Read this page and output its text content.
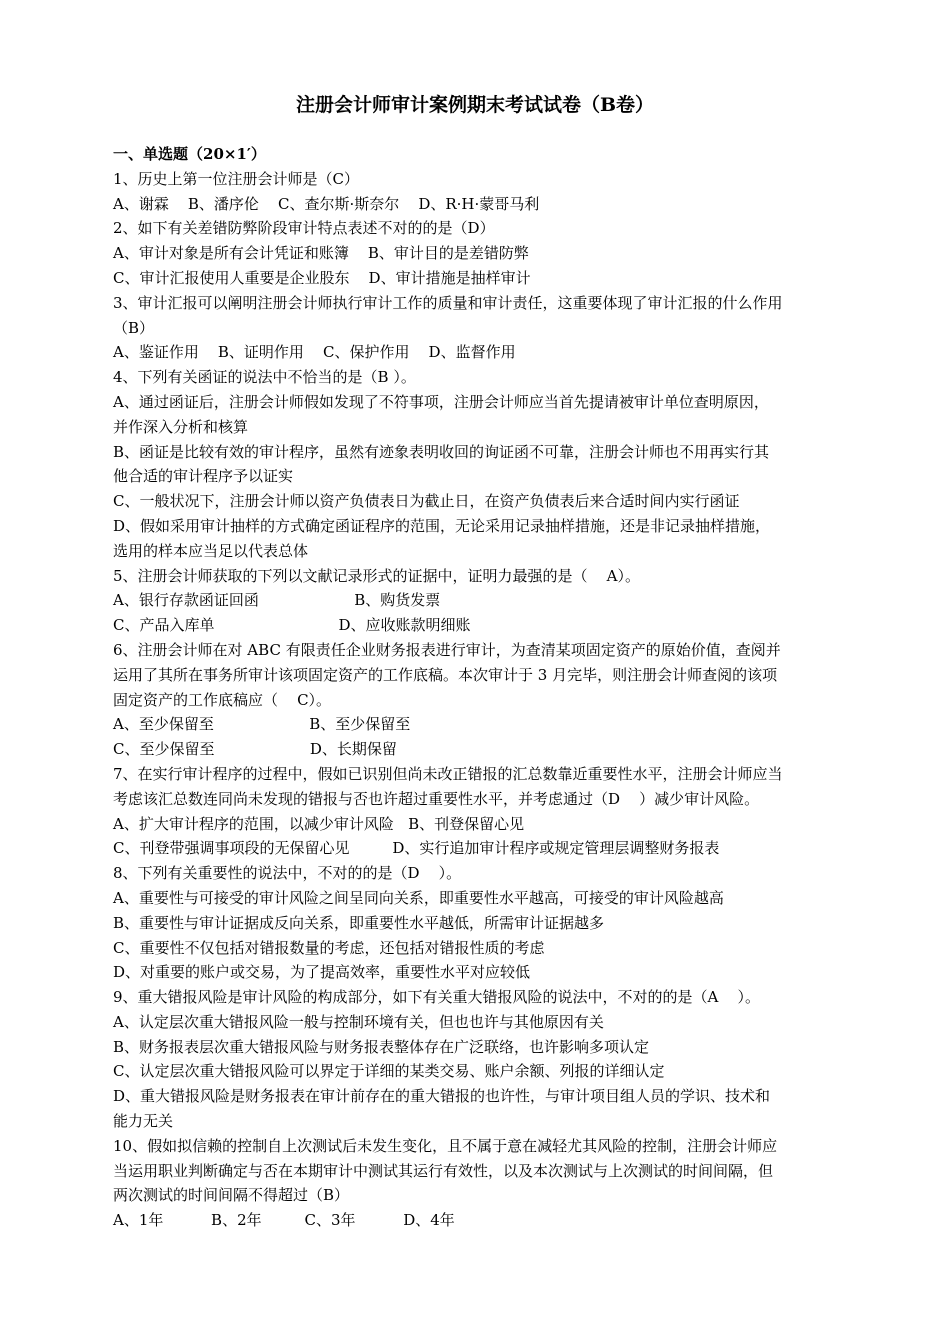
注册会计师审计案例期末考试试卷（B卷）
一、单选题（20×1′）
1、历史上第一位注册会计师是（C）
A、谢霖    B、潘序伦    C、查尔斯·斯奈尔    D、R·H·蒙哥马利
2、如下有关差错防弊阶段审计特点表述不对的的是（D）
A、审计对象是所有会计凭证和账簿    B、审计目的是差错防弊
C、审计汇报使用人重要是企业股东    D、审计措施是抽样审计
3、审计汇报可以阐明注册会计师执行审计工作的质量和审计责任，这重要体现了审计汇报的什么作用
（B）
A、鉴证作用    B、证明作用    C、保护作用    D、监督作用
4、下列有关函证的说法中不恰当的是（B ）。
A、通过函证后，注册会计师假如发现了不符事项，注册会计师应当首先提请被审计单位查明原因，
并作深入分析和核算
B、函证是比较有效的审计程序，虽然有迹象表明收回的询证函不可靠，注册会计师也不用再实行其
他合适的审计程序予以证实
C、一般状况下，注册会计师以资产负债表日为截止日，在资产负债表后来合适时间内实行函证
D、假如采用审计抽样的方式确定函证程序的范围，无论采用记录抽样措施，还是非记录抽样措施，
选用的样本应当足以代表总体
5、注册会计师获取的下列以文献记录形式的证据中，证明力最强的是（    A）。
A、银行存款函证回函                    B、购货发票
C、产品入库单                          D、应收账款明细账
6、注册会计师在对 ABC 有限责任企业财务报表进行审计，为查清某项固定资产的原始价值，查阅并
运用了其所在事务所审计该项固定资产的工作底稿。本次审计于 3 月完毕，则注册会计师查阅的该项
固定资产的工作底稿应（    C）。
A、至少保留至                    B、至少保留至
C、至少保留至                    D、长期保留
7、在实行审计程序的过程中，假如已识别但尚未改正错报的汇总数靠近重要性水平，注册会计师应当
考虑该汇总数连同尚未发现的错报与否也许超过重要性水平，并考虑通过（D    ）减少审计风险。
A、扩大审计程序的范围，以减少审计风险   B、刊登保留心见
C、刊登带强调事项段的无保留心见         D、实行追加审计程序或规定管理层调整财务报表
8、下列有关重要性的说法中，不对的的是（D    ）。
A、重要性与可接受的审计风险之间呈同向关系，即重要性水平越高，可接受的审计风险越高
B、重要性与审计证据成反向关系，即重要性水平越低，所需审计证据越多
C、重要性不仅包括对错报数量的考虑，还包括对错报性质的考虑
D、对重要的账户或交易，为了提高效率，重要性水平对应较低
9、重大错报风险是审计风险的构成部分，如下有关重大错报风险的说法中，不对的的是（A    ）。
A、认定层次重大错报风险一般与控制环境有关，但也也许与其他原因有关
B、财务报表层次重大错报风险与财务报表整体存在广泛联络，也许影响多项认定
C、认定层次重大错报风险可以界定于详细的某类交易、账户余额、列报的详细认定
D、重大错报风险是财务报表在审计前存在的重大错报的也许性，与审计项目组人员的学识、技术和
能力无关
10、假如拟信赖的控制自上次测试后未发生变化，且不属于意在减轻尤其风险的控制，注册会计师应
当运用职业判断确定与否在本期审计中测试其运行有效性，以及本次测试与上次测试的时间间隔，但
两次测试的时间间隔不得超过（B）
A、1年          B、2年         C、3年          D、4年
